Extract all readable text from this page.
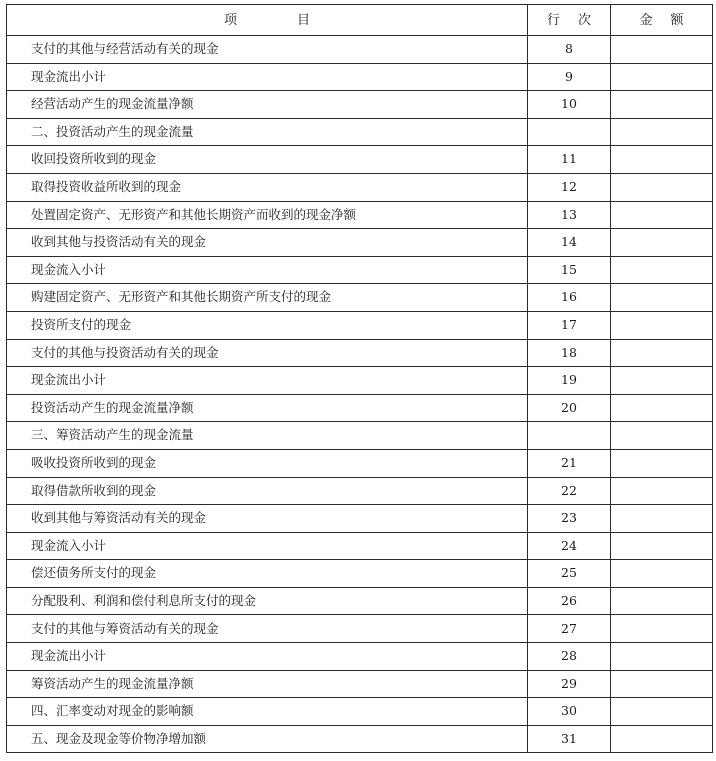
项目	行次	金额
支付的其他与经营活动有关的现金	8	
现金流出小计	9	
经营活动产生的现金流量净额	10	
二、投资活动产生的现金流量		
收回投资所收到的现金	11	
取得投资收益所收到的现金	12	
处置固定资产、无形资产和其他长期资产而收到的现金净额	13	
收到其他与投资活动有关的现金	14	
现金流入小计	15	
购建固定资产、无形资产和其他长期资产所支付的现金	16	
投资所支付的现金	17	
支付的其他与投资活动有关的现金	18	
现金流出小计	19	
投资活动产生的现金流量净额	20	
三、筹资活动产生的现金流量		
吸收投资所收到的现金	21	
取得借款所收到的现金	22	
收到其他与筹资活动有关的现金	23	
现金流入小计	24	
偿还债务所支付的现金	25	
分配股利、利润和偿付利息所支付的现金	26	
支付的其他与筹资活动有关的现金	27	
现金流出小计	28	
筹资活动产生的现金流量净额	29	
四、汇率变动对现金的影响额	30	
五、现金及现金等价物净增加额	31	
